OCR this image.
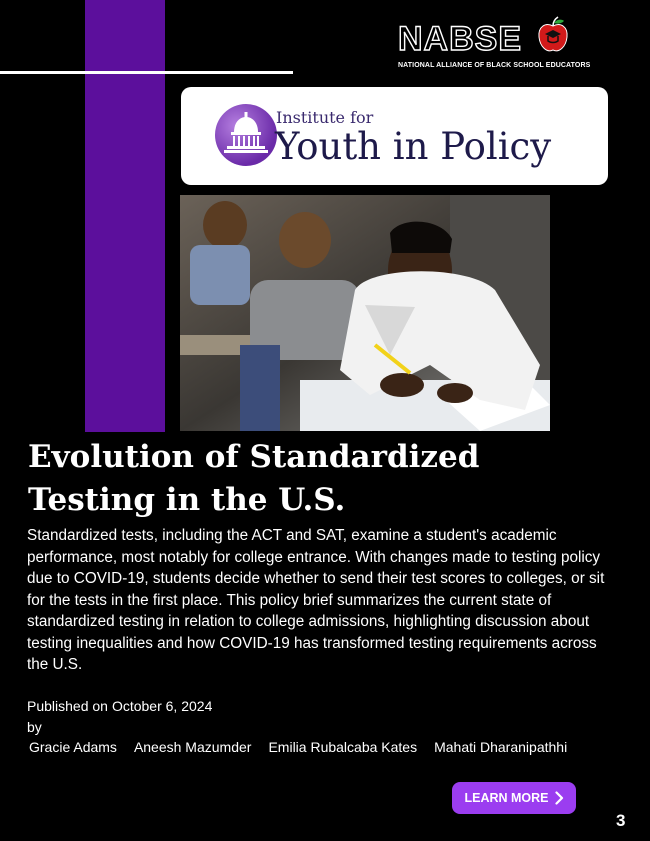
NABSE
NATIONAL ALLIANCE OF BLACK SCHOOL EDUCATORS
Institute for
Youth in Policy
Evolution of Standardized Testing in the U.S.

Standardized tests, including the ACT and SAT, examine a student's academic performance, most notably for college entrance. With changes made to testing policy due to COVID-19, students decide whether to send their test scores to colleges, or sit for the tests in the first place. This policy brief summarizes the current state of standardized testing in relation to college admissions, highlighting discussion about testing inequalities and how COVID-19 has transformed testing requirements across the U.S.

Published on October 6, 2024
by
Gracie Adams Aneesh Mazumder Emilia Rubalcaba Kates Mahati Dharanipathhi
LEARN MORE
3
